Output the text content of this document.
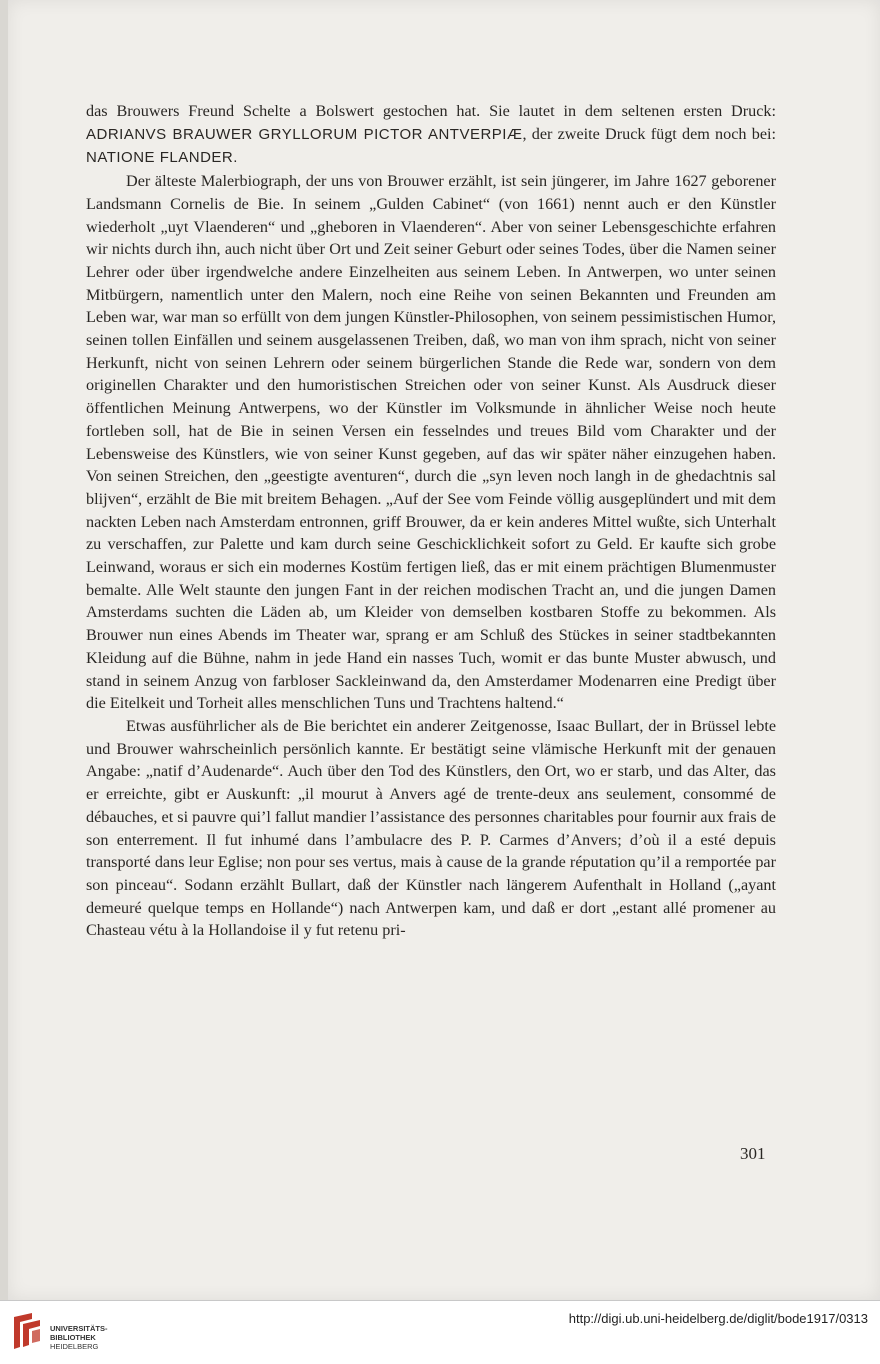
das Brouwers Freund Schelte a Bolswert gestochen hat. Sie lautet in dem seltenen ersten Druck: ADRIANVS BRAUWER GRYLLORUM PICTOR ANTVERPIÆ, der zweite Druck fügt dem noch bei: NATIONE FLANDER.

Der älteste Malerbiograph, der uns von Brouwer erzählt, ist sein jüngerer, im Jahre 1627 geborener Landsmann Cornelis de Bie. In seinem „Gulden Cabinet“ (von 1661) nennt auch er den Künstler wiederholt „uyt Vlaenderen“ und „gheboren in Vlaenderen“. Aber von seiner Lebensgeschichte erfahren wir nichts durch ihn, auch nicht über Ort und Zeit seiner Geburt oder seines Todes, über die Namen seiner Lehrer oder über irgendwelche andere Einzelheiten aus seinem Leben. In Antwerpen, wo unter seinen Mitbürgern, namentlich unter den Malern, noch eine Reihe von seinen Bekannten und Freunden am Leben war, war man so erfüllt von dem jungen Künstler-Philosophen, von seinem pessimistischen Humor, seinen tollen Einfällen und seinem ausgelassenen Treiben, daß, wo man von ihm sprach, nicht von seiner Herkunft, nicht von seinen Lehrern oder seinem bürgerlichen Stande die Rede war, sondern von dem originellen Charakter und den humoristischen Streichen oder von seiner Kunst. Als Ausdruck dieser öffentlichen Meinung Antwerpens, wo der Künstler im Volksmunde in ähnlicher Weise noch heute fortleben soll, hat de Bie in seinen Versen ein fesselndes und treues Bild vom Charakter und der Lebensweise des Künstlers, wie von seiner Kunst gegeben, auf das wir später näher einzugehen haben. Von seinen Streichen, den „geestigte aventuren“, durch die „syn leven noch langh in de ghedachtnis sal blijven“, erzählt de Bie mit breitem Behagen. „Auf der See vom Feinde völlig ausgeplündert und mit dem nackten Leben nach Amsterdam entronnen, griff Brouwer, da er kein anderes Mittel wußte, sich Unterhalt zu verschaffen, zur Palette und kam durch seine Geschicklichkeit sofort zu Geld. Er kaufte sich grobe Leinwand, woraus er sich ein modernes Kostüm fertigen ließ, das er mit einem prächtigen Blumenmuster bemalte. Alle Welt staunte den jungen Fant in der reichen modischen Tracht an, und die jungen Damen Amsterdams suchten die Läden ab, um Kleider von demselben kostbaren Stoffe zu bekommen. Als Brouwer nun eines Abends im Theater war, sprang er am Schluß des Stückes in seiner stadtbekannten Kleidung auf die Bühne, nahm in jede Hand ein nasses Tuch, womit er das bunte Muster abwusch, und stand in seinem Anzug von farbloser Sackleinwand da, den Amsterdamer Modenarren eine Predigt über die Eitelkeit und Torheit alles menschlichen Tuns und Trachtens haltend.“

Etwas ausführlicher als de Bie berichtet ein anderer Zeitgenosse, Isaac Bullart, der in Brüssel lebte und Brouwer wahrscheinlich persönlich kannte. Er bestätigt seine vlämische Herkunft mit der genauen Angabe: „natif d’Audenarde“. Auch über den Tod des Künstlers, den Ort, wo er starb, und das Alter, das er erreichte, gibt er Auskunft: „il mourut à Anvers agé de trente-deux ans seulement, consommé de débauches, et si pauvre qui’l fallut mandier l’assistance des personnes charitables pour fournir aux frais de son enterrement. Il fut inhumé dans l’ambulacre des P. P. Carmes d’Anvers; d’où il a esté depuis transporté dans leur Eglise; non pour ses vertus, mais à cause de la grande réputation qu’il a remportée par son pinceau“. Sodann erzählt Bullart, daß der Künstler nach längerem Aufenthalt in Holland („ayant demeuré quelque temps en Hollande“) nach Antwerpen kam, und daß er dort „estant allé promener au Chasteau vétu à la Hollandoise il y fut retenu pri-

301
UNIVERSITÄTS-
BIBLIOTHEK
HEIDELBERG
http://digi.ub.uni-heidelberg.de/diglit/bode1917/0313
